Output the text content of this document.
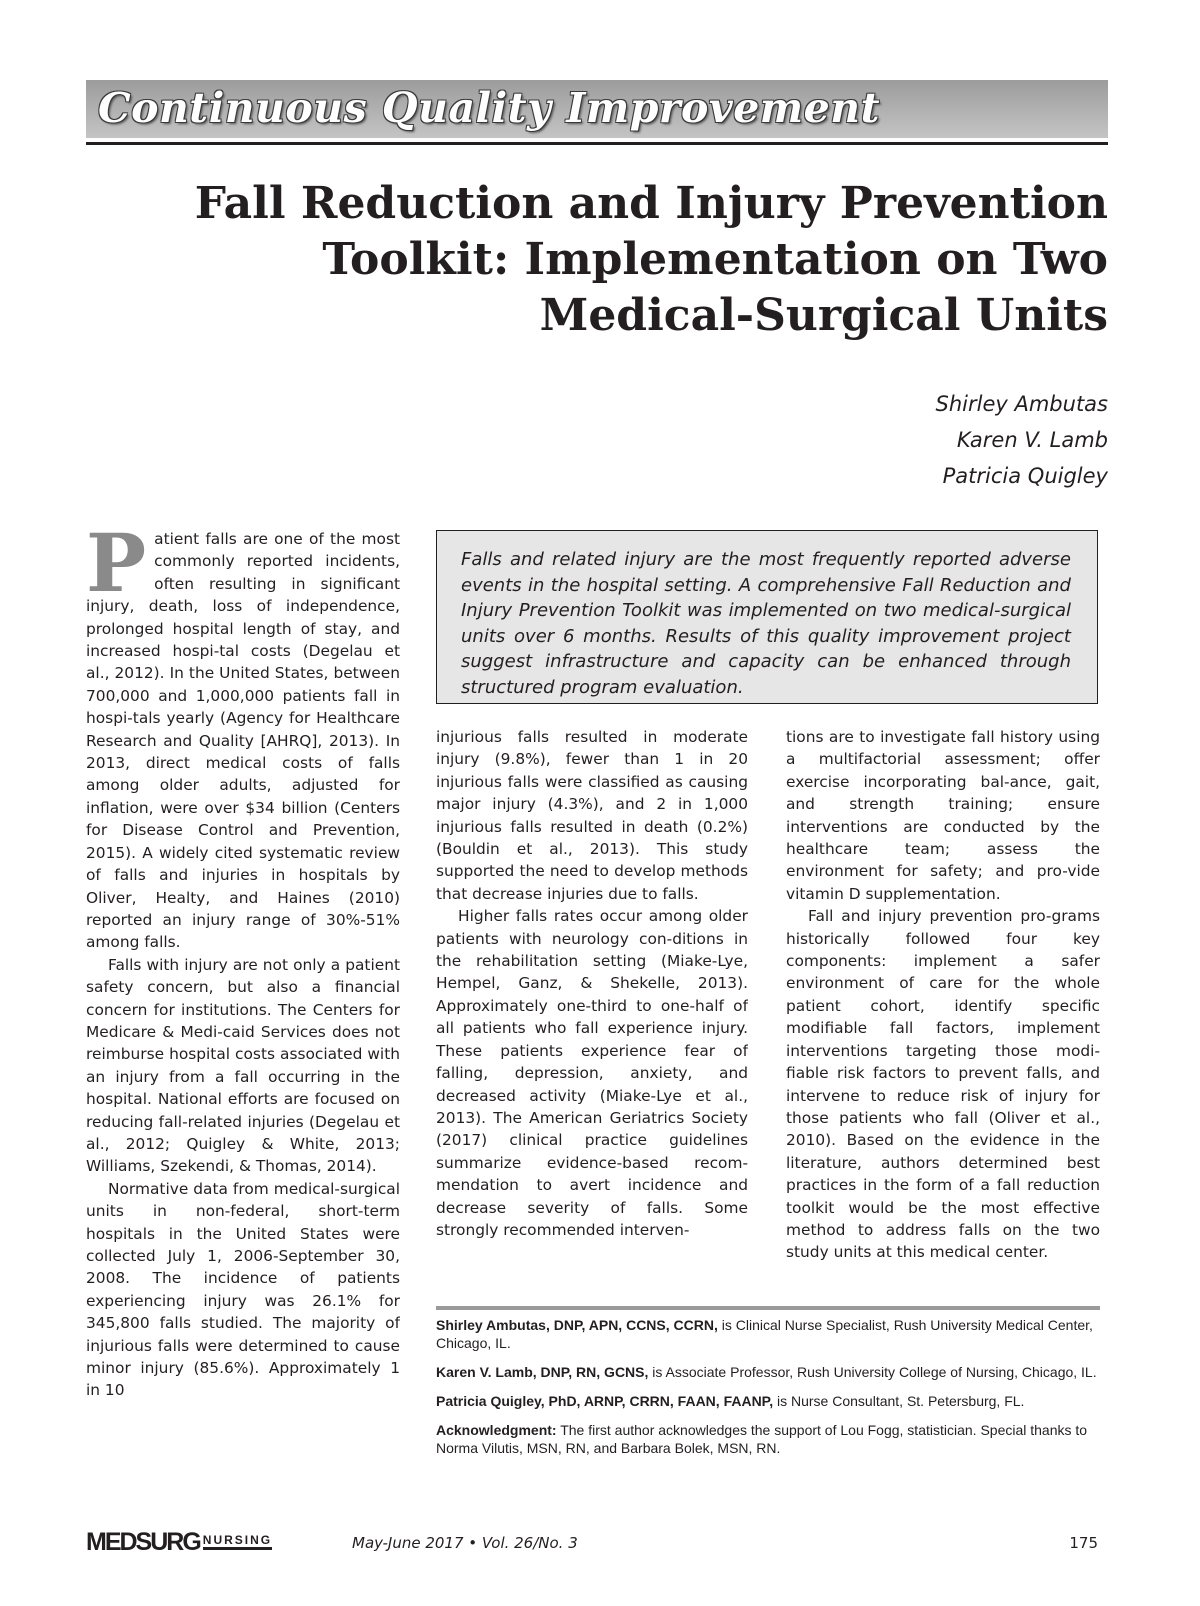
Continuous Quality Improvement
Fall Reduction and Injury Prevention
Toolkit: Implementation on Two
Medical-Surgical Units
Shirley Ambutas
Karen V. Lamb
Patricia Quigley
P atient falls are one of the most commonly reported incidents, often resulting in significant injury, death, loss of independence, prolonged hospital length of stay, and increased hospi-tal costs (Degelau et al., 2012). In the United States, between 700,000 and 1,000,000 patients fall in hospi-tals yearly (Agency for Healthcare Research and Quality [AHRQ], 2013). In 2013, direct medical costs of falls among older adults, adjusted for inflation, were over $34 billion (Centers for Disease Control and Prevention, 2015). A widely cited systematic review of falls and injuries in hospitals by Oliver, Healty, and Haines (2010) reported an injury range of 30%-51% among falls.

Falls with injury are not only a patient safety concern, but also a financial concern for institutions. The Centers for Medicare & Medi-caid Services does not reimburse hospital costs associated with an injury from a fall occurring in the hospital. National efforts are focused on reducing fall-related injuries (Degelau et al., 2012; Quigley & White, 2013; Williams, Szekendi, & Thomas, 2014).

Normative data from medical-surgical units in non-federal, short-term hospitals in the United States were collected July 1, 2006-September 30, 2008. The incidence of patients experiencing injury was 26.1% for 345,800 falls studied. The majority of injurious falls were determined to cause minor injury (85.6%). Approximately 1 in 10

Falls and related injury are the most frequently reported adverse events in the hospital setting. A comprehensive Fall Reduction and Injury Prevention Toolkit was implemented on two medical-surgical units over 6 months. Results of this quality improvement project suggest infrastructure and capacity can be enhanced through structured program evaluation.

injurious falls resulted in moderate injury (9.8%), fewer than 1 in 20 injurious falls were classified as causing major injury (4.3%), and 2 in 1,000 injurious falls resulted in death (0.2%) (Bouldin et al., 2013). This study supported the need to develop methods that decrease injuries due to falls.

Higher falls rates occur among older patients with neurology con-ditions in the rehabilitation setting (Miake-Lye, Hempel, Ganz, & Shekelle, 2013). Approximately one-third to one-half of all patients who fall experience injury. These patients experience fear of falling, depression, anxiety, and decreased activity (Miake-Lye et al., 2013). The American Geriatrics Society (2017) clinical practice guidelines summarize evidence-based recom-mendation to avert incidence and decrease severity of falls. Some strongly recommended interven-

tions are to investigate fall history using a multifactorial assessment; offer exercise incorporating bal-ance, gait, and strength training; ensure interventions are conducted by the healthcare team; assess the environment for safety; and pro-vide vitamin D supplementation.

Fall and injury prevention pro-grams historically followed four key components: implement a safer environment of care for the whole patient cohort, identify specific modifiable fall factors, implement interventions targeting those modi-fiable risk factors to prevent falls, and intervene to reduce risk of injury for those patients who fall (Oliver et al., 2010). Based on the evidence in the literature, authors determined best practices in the form of a fall reduction toolkit would be the most effective method to address falls on the two study units at this medical center.

Shirley Ambutas, DNP, APN, CCNS, CCRN, is Clinical Nurse Specialist, Rush University Medical Center, Chicago, IL.

Karen V. Lamb, DNP, RN, GCNS, is Associate Professor, Rush University College of Nursing, Chicago, IL.

Patricia Quigley, PhD, ARNP, CRRN, FAAN, FAANP, is Nurse Consultant, St. Petersburg, FL.

Acknowledgment: The first author acknowledges the support of Lou Fogg, statistician. Special thanks to Norma Vilutis, MSN, RN, and Barbara Bolek, MSN, RN.

MEDSURG NURSING	May-June 2017 • Vol. 26/No. 3	175
